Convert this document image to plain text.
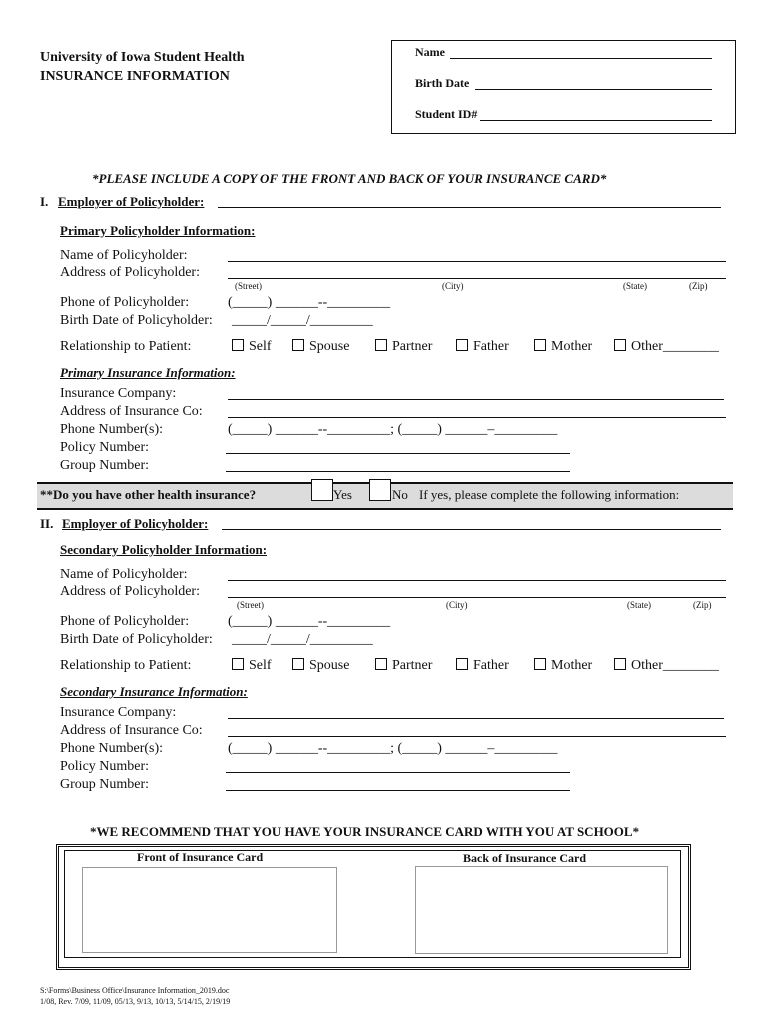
University of Iowa Student Health
INSURANCE INFORMATION
Name
Birth Date
Student ID#
*PLEASE INCLUDE A COPY OF THE FRONT AND BACK OF YOUR INSURANCE CARD*
I. Employer of Policyholder:
Primary Policyholder Information:
Name of Policyholder:
Address of Policyholder:
(Street)	(City)	(State)	(Zip)
Phone of Policyholder:	(_____) ______--_________
Birth Date of Policyholder: _____/_____/_________
Relationship to Patient:	Self	Spouse	Partner	Father	Mother	Other________
Primary Insurance Information:
Insurance Company:
Address of Insurance Co:
Phone Number(s):	(_____) ______--_________; (_____) ______–_________
Policy Number:
Group Number:
**Do you have other health insurance?	Yes	No If yes, please complete the following information:
II. Employer of Policyholder:
Secondary Policyholder Information:
Name of Policyholder:
Address of Policyholder:
(Street)	(City)	(State)	(Zip)
Phone of Policyholder:	(_____) ______--_________
Birth Date of Policyholder: _____/_____/_________
Relationship to Patient:	Self	Spouse	Partner	Father	Mother	Other________
Secondary Insurance Information:
Insurance Company:
Address of Insurance Co:
Phone Number(s):	(_____) ______--_________; (_____) ______–_________
Policy Number:
Group Number:
*WE RECOMMEND THAT YOU HAVE YOUR INSURANCE CARD WITH YOU AT SCHOOL*
Front of Insurance Card	Back of Insurance Card
S:\Forms\Business Office\Insurance Information_2019.doc
1/08, Rev. 7/09, 11/09, 05/13, 9/13, 10/13, 5/14/15, 2/19/19
